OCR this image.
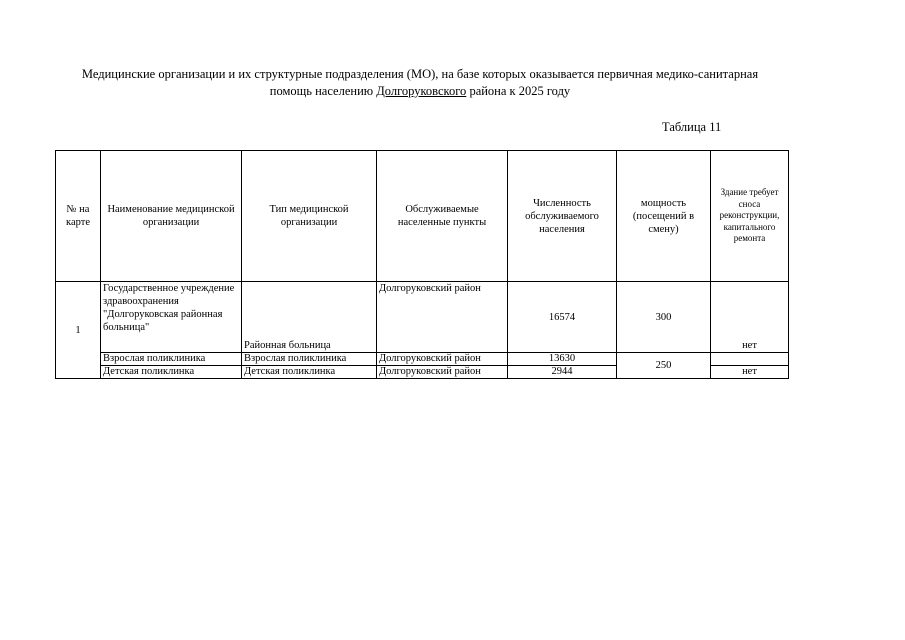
Медицинские организации и их структурные подразделения (МО), на базе которых оказывается первичная медико-санитарная
помощь населению Долгоруковского района к 2025 году
Таблица 11
№ на карте	Наименование медицинской организации	Тип медицинской организации	Обслуживаемые населенные пункты	Численность обслуживаемого населения	мощность (посещений в смену)	Здание требует сноса реконструкции, капитального ремонта
1	Государственное учреждение здравоохранения "Долгоруковская районная больница"	Районная больница	Долгоруковский район	16574	300	нет
	Взрослая поликлиника	Взрослая поликлиника	Долгоруковский район	13630	250	
	Детская поликлинка	Детская поликлинка	Долгоруковский район	2944		нет
